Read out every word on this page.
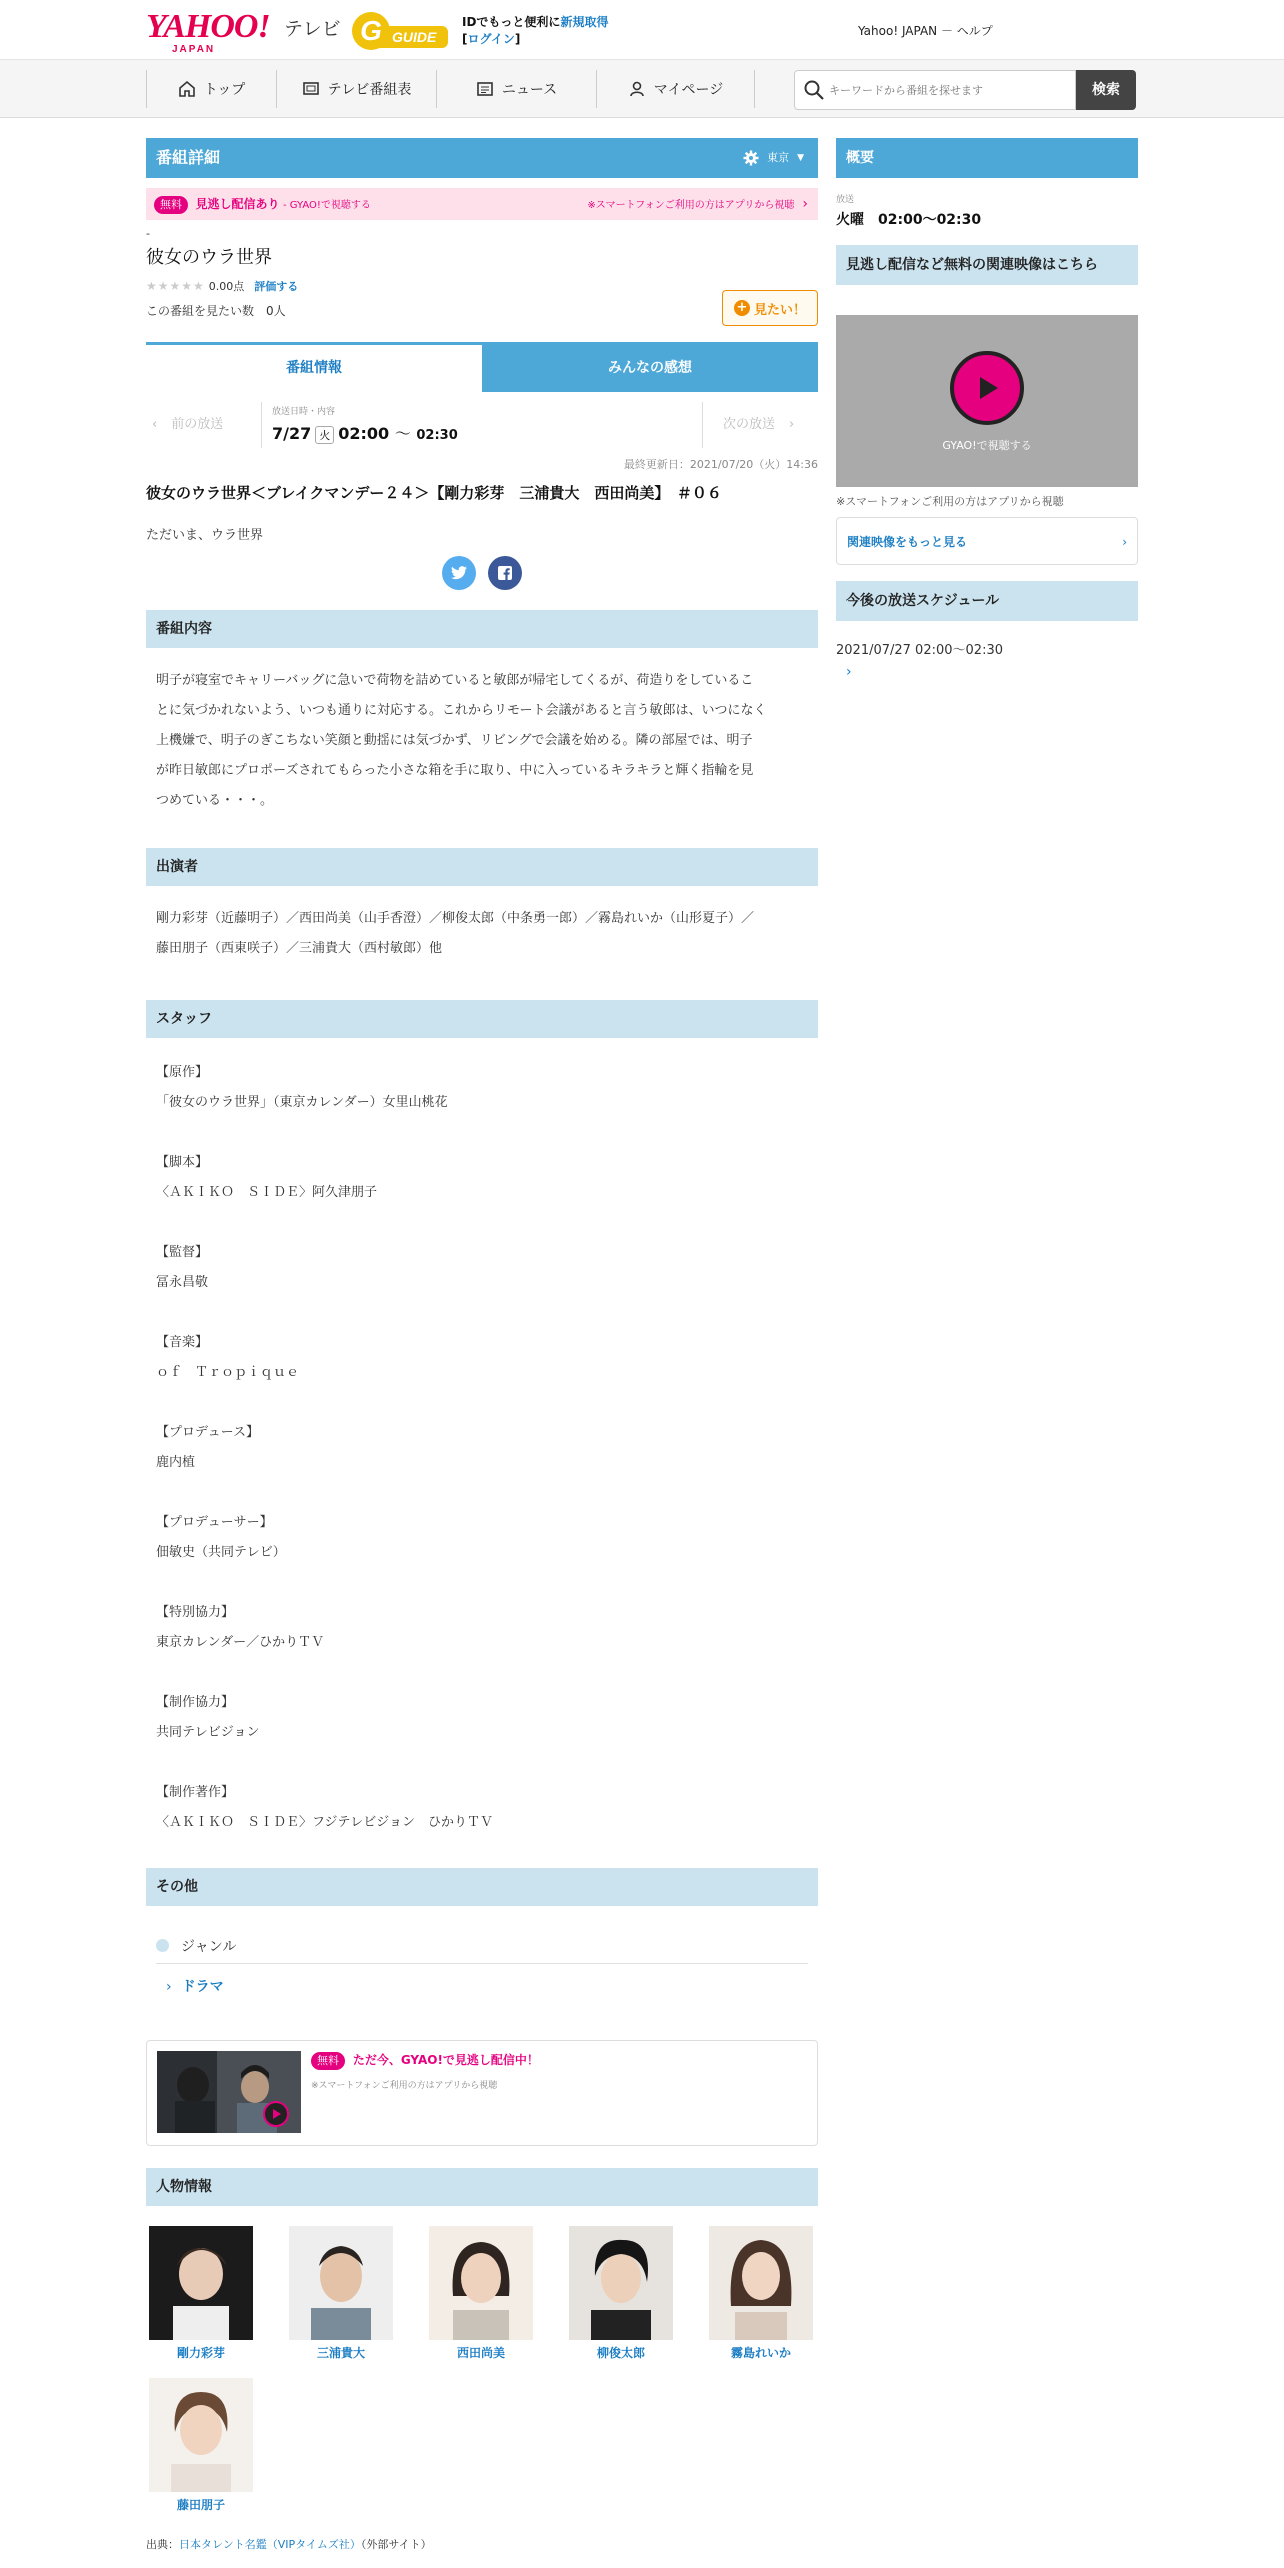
YAHOO!
JAPAN
テレビ	GUIDE
G	IDでもっと便利に新規取得
[ログイン]
Yahoo! JAPAN － ヘルプ
トップ	テレビ番組表	ニュース	マイページ
キーワードから番組を探せます	検索
番組詳細	東京 ▼
無料 見逃し配信あり - GYAO!で視聴する	※スマートフォンご利用の方はアプリから視聴 ›
-
彼女のウラ世界
★★★★★ 0.00点 評価する
この番組を見たい数　0人	+ 見たい！
番組情報	みんなの感想
‹ 前の放送
放送日時・内容
7/27 火 02:00 〜 02:30
次の放送 ›
最終更新日：2021/07/20（火）14:36
彼女のウラ世界＜ブレイクマンデー２４＞【剛力彩芽　三浦貴大　西田尚美】　＃０６
ただいま、ウラ世界
番組内容
明子が寝室でキャリーバッグに急いで荷物を詰めていると敏郎が帰宅してくるが、荷造りをしているこ
とに気づかれないよう、いつも通りに対応する。これからリモート会議があると言う敏郎は、いつになく
上機嫌で、明子のぎこちない笑顔と動揺には気づかず、リビングで会議を始める。隣の部屋では、明子
が昨日敏郎にプロポーズされてもらった小さな箱を手に取り、中に入っているキラキラと輝く指輪を見
つめている・・・。
出演者
剛力彩芽（近藤明子）／西田尚美（山手香澄）／柳俊太郎（中条勇一郎）／霧島れいか（山形夏子）／
藤田朋子（西東咲子）／三浦貴大（西村敏郎）他
スタッフ
【原作】
「彼女のウラ世界」（東京カレンダー）女里山桃花
【脚本】
〈ＡＫＩＫＯ　ＳＩＤＥ〉阿久津朋子
【監督】
冨永昌敬
【音楽】
ｏｆ　Ｔｒｏｐｉｑｕｅ
【プロデュース】
鹿内植
【プロデューサー】
佃敏史（共同テレビ）
【特別協力】
東京カレンダー／ひかりＴＶ
【制作協力】
共同テレビジョン
【制作著作】
〈ＡＫＩＫＯ　ＳＩＤＥ〉フジテレビジョン　ひかりＴＶ
その他
ジャンル
› ドラマ
無料 ただ今、GYAO!で見逃し配信中！
※スマートフォンご利用の方はアプリから視聴
人物情報
剛力彩芽	三浦貴大	西田尚美	柳俊太郎	霧島れいか
藤田朋子
出典：日本タレント名鑑（VIPタイムズ社）（外部サイト）
概要
放送
火曜　02:00～02:30
見逃し配信など無料の関連映像はこちら
GYAO!で視聴する
※スマートフォンご利用の方はアプリから視聴
関連映像をもっと見る	›
今後の放送スケジュール
2021/07/27 02:00～02:30
›
